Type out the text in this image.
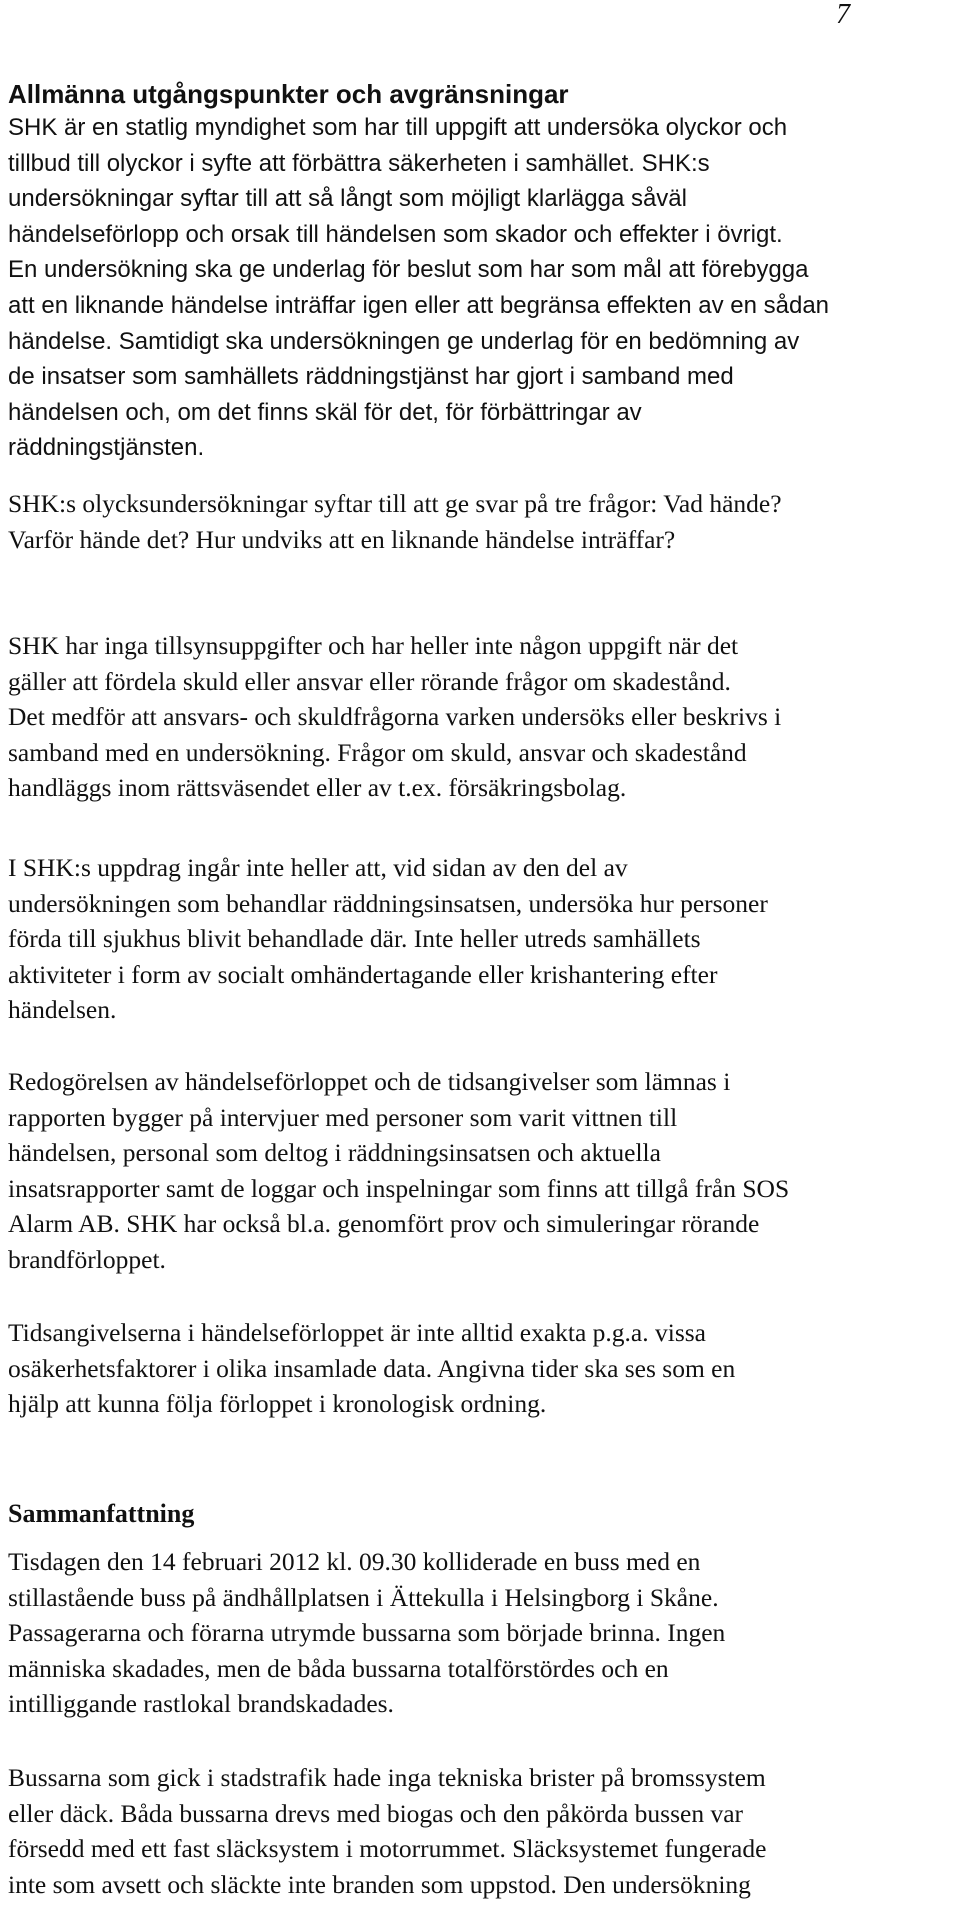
7
Allmänna utgångspunkter och avgränsningar

SHK är en statlig myndighet som har till uppgift att undersöka olyckor och
tillbud till olyckor i syfte att förbättra säkerheten i samhället. SHK:s
undersökningar syftar till att så långt som möjligt klarlägga såväl
händelseförlopp och orsak till händelsen som skador och effekter i övrigt.
En undersökning ska ge underlag för beslut som har som mål att förebygga
att en liknande händelse inträffar igen eller att begränsa effekten av en sådan
händelse. Samtidigt ska undersökningen ge underlag för en bedömning av
de insatser som samhällets räddningstjänst har gjort i samband med
händelsen och, om det finns skäl för det, för förbättringar av
räddningstjänsten.

SHK:s olycksundersökningar syftar till att ge svar på tre frågor: Vad hände?
Varför hände det? Hur undviks att en liknande händelse inträffar?

SHK har inga tillsynsuppgifter och har heller inte någon uppgift när det
gäller att fördela skuld eller ansvar eller rörande frågor om skadestånd.
Det medför att ansvars- och skuldfrågorna varken undersöks eller beskrivs i
samband med en undersökning. Frågor om skuld, ansvar och skadestånd
handläggs inom rättsväsendet eller av t.ex. försäkringsbolag.

I SHK:s uppdrag ingår inte heller att, vid sidan av den del av
undersökningen som behandlar räddningsinsatsen, undersöka hur personer
förda till sjukhus blivit behandlade där. Inte heller utreds samhällets
aktiviteter i form av socialt omhändertagande eller krishantering efter
händelsen.

Redogörelsen av händelseförloppet och de tidsangivelser som lämnas i
rapporten bygger på intervjuer med personer som varit vittnen till
händelsen, personal som deltog i räddningsinsatsen och aktuella
insatsrapporter samt de loggar och inspelningar som finns att tillgå från SOS
Alarm AB. SHK har också bl.a. genomfört prov och simuleringar rörande
brandförloppet.

Tidsangivelserna i händelseförloppet är inte alltid exakta p.g.a. vissa
osäkerhetsfaktorer i olika insamlade data. Angivna tider ska ses som en
hjälp att kunna följa förloppet i kronologisk ordning.

Sammanfattning

Tisdagen den 14 februari 2012 kl. 09.30 kolliderade en buss med en
stillastående buss på ändhållplatsen i Ättekulla i Helsingborg i Skåne.
Passagerarna och förarna utrymde bussarna som började brinna. Ingen
människa skadades, men de båda bussarna totalförstördes och en
intilliggande rastlokal brandskadades.

Bussarna som gick i stadstrafik hade inga tekniska brister på bromssystem
eller däck. Båda bussarna drevs med biogas och den påkörda bussen var
försedd med ett fast släcksystem i motorrummet. Släcksystemet fungerade
inte som avsett och släckte inte branden som uppstod. Den undersökning
